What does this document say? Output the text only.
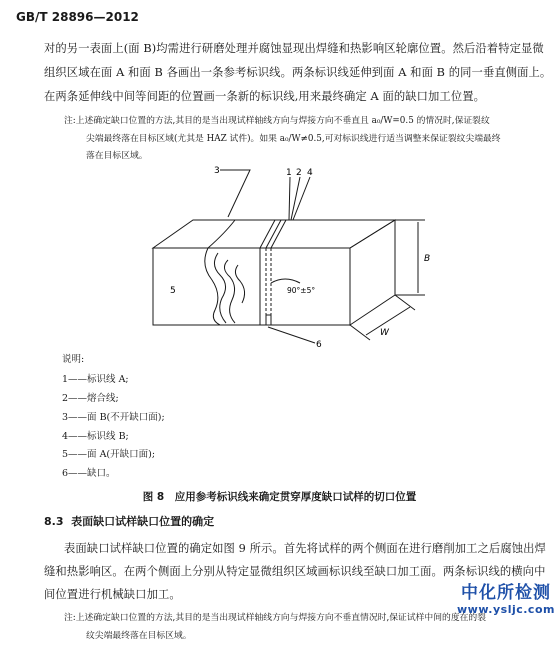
GB/T 28896—2012
对的另一表面上(面 B)均需进行研磨处理并腐蚀显现出焊缝和热影响区轮廓位置。然后沿着特定显微
组织区域在面 A 和面 B 各画出一条参考标识线。两条标识线延伸到面 A 和面 B 的同一垂直侧面上。
在两条延伸线中间等间距的位置画一条新的标识线,用来最终确定 A 面的缺口加工位置。
注:上述确定缺口位置的方法,其目的是当出现试样轴线方向与焊接方向不垂直且 a₀/W=0.5 的情况时,保证裂纹
尖端最终落在目标区域(尤其是 HAZ 试件)。如果 a₀/W≠0.5,可对标识线进行适当调整来保证裂纹尖端最终
落在目标区域。
3	1 2 4
5
6
90°±5°
B
W
说明:
1——标识线 A;
2——熔合线;
3——面 B(不开缺口面);
4——标识线 B;
5——面 A(开缺口面);
6——缺口。
图 8　应用参考标识线来确定贯穿厚度缺口试样的切口位置
8.3 表面缺口试样缺口位置的确定
表面缺口试样缺口位置的确定如图 9 所示。首先将试样的两个侧面在进行磨削加工之后腐蚀出焊
缝和热影响区。在两个侧面上分别从特定显微组织区域画标识线至缺口加工面。两条标识线的横向中
间位置进行机械缺口加工。
注:上述确定缺口位置的方法,其目的是当出现试样轴线方向与焊接方向不垂直情况时,保证试样中间的度在的裂
纹尖端最终落在目标区域。
中化所检测
www.ysljc.com
